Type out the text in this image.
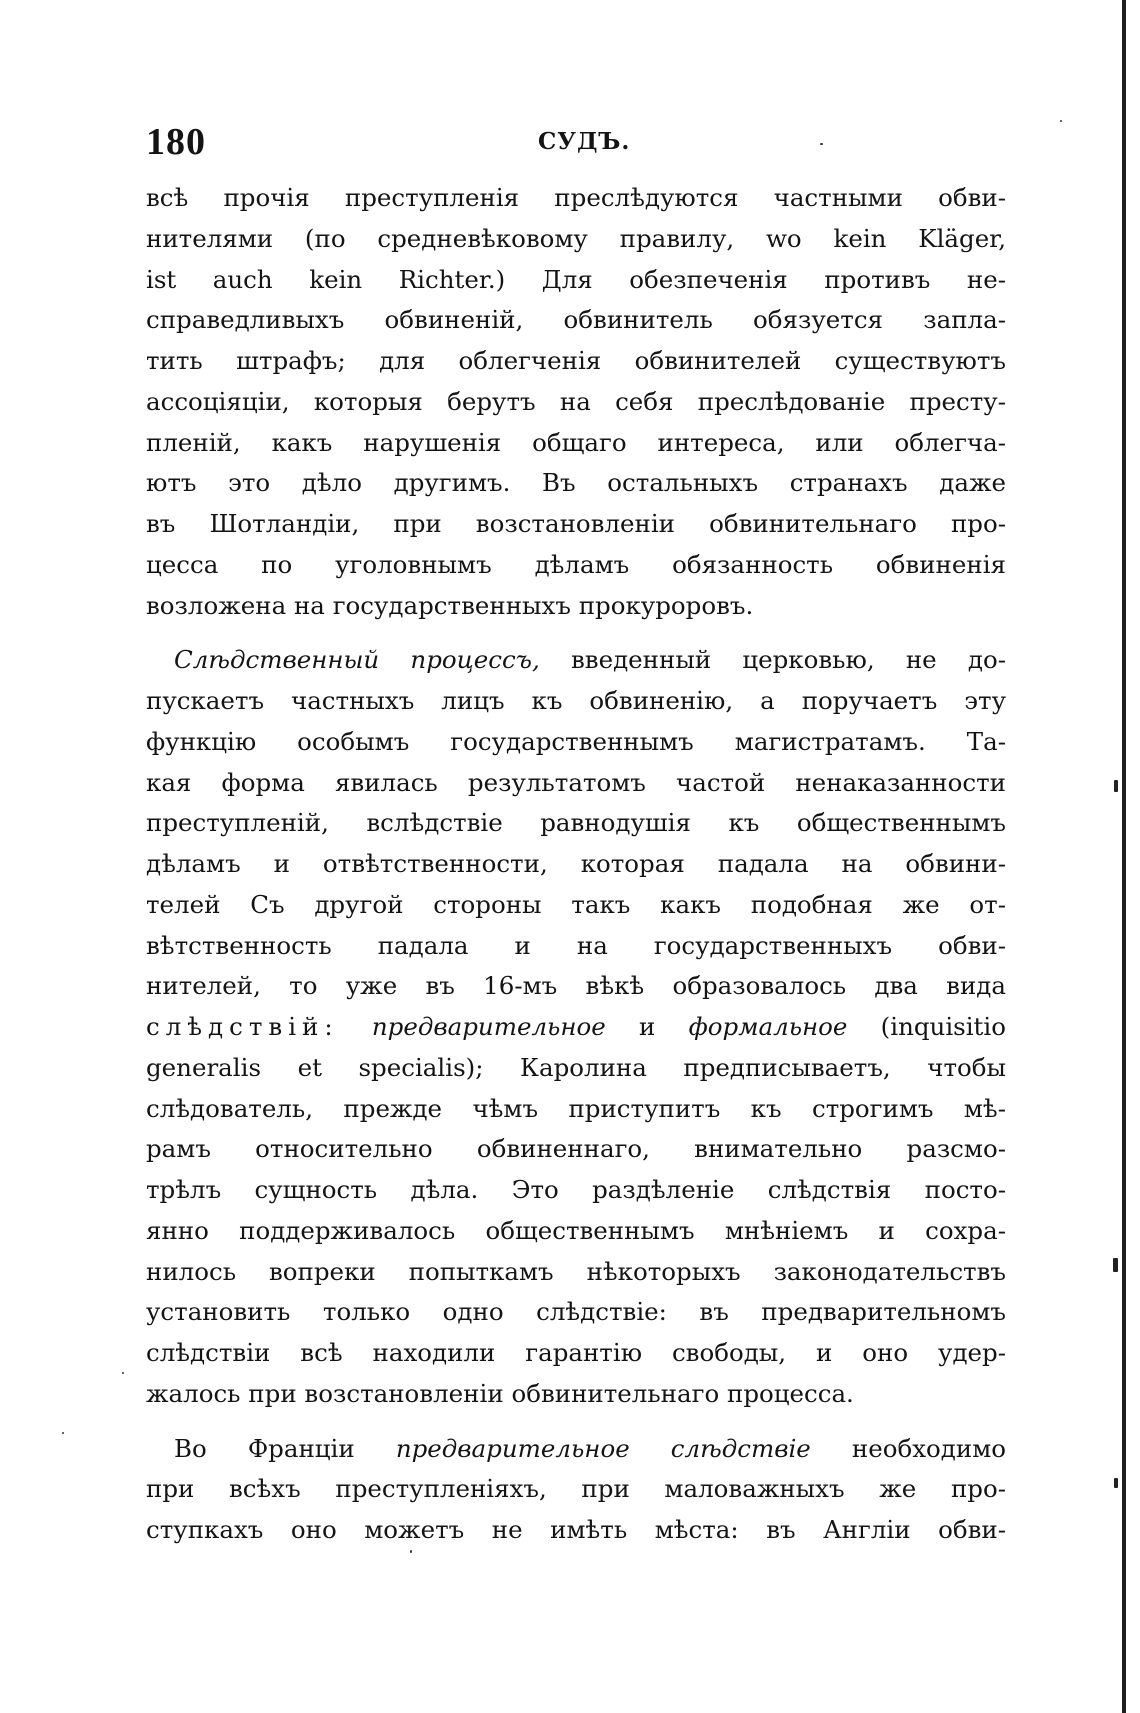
180	СУДЪ.
всѣ прочія преступленія преслѣдуются частными обви-
нителями (по средневѣковому правилу, wo kein Kläger,
ist auch kein Richter.) Для обезпеченія противъ не-
справедливыхъ обвиненій, обвинитель обязуется запла-
тить штрафъ; для облегченія обвинителей существуютъ
ассоціяціи, которыя берутъ на себя преслѣдованіе престу-
пленій, какъ нарушенія общаго интереса, или облегча-
ютъ это дѣло другимъ. Въ остальныхъ странахъ даже
въ Шотландіи, при возстановленіи обвинительнаго про-
цесса по уголовнымъ дѣламъ обязанность обвиненія
возложена на государственныхъ прокуроровъ.
Слѣдственный процессъ, введенный церковью, не до-
пускаетъ частныхъ лицъ къ обвиненію, а поручаетъ эту
функцію особымъ государственнымъ магистратамъ. Та-
кая форма явилась результатомъ частой ненаказанности
преступленій, вслѣдствіе равнодушія къ общественнымъ
дѣламъ и отвѣтственности, которая падала на обвини-
телей Съ другой стороны такъ какъ подобная же от-
вѣтственность падала и на государственныхъ обви-
нителей, то уже въ 16-мъ вѣкѣ образовалось два вида
слѣдствій: предварительное и формальное (inquisitio
generalis et specialis); Каролина предписываетъ, чтобы
слѣдователь, прежде чѣмъ приступитъ къ строгимъ мѣ-
рамъ относительно обвиненнаго, внимательно разсмо-
трѣлъ сущность дѣла. Это раздѣленіе слѣдствія посто-
янно поддерживалось общественнымъ мнѣніемъ и сохра-
нилось вопреки попыткамъ нѣкоторыхъ законодательствъ
установить только одно слѣдствіе: въ предварительномъ
слѣдствіи всѣ находили гарантію свободы, и оно удер-
жалось при возстановленіи обвинительнаго процесса.
Во Франціи предварительное слѣдствіе необходимо
при всѣхъ преступленіяхъ, при маловажныхъ же про-
ступкахъ оно можетъ не имѣть мѣста: въ Англіи обви-
